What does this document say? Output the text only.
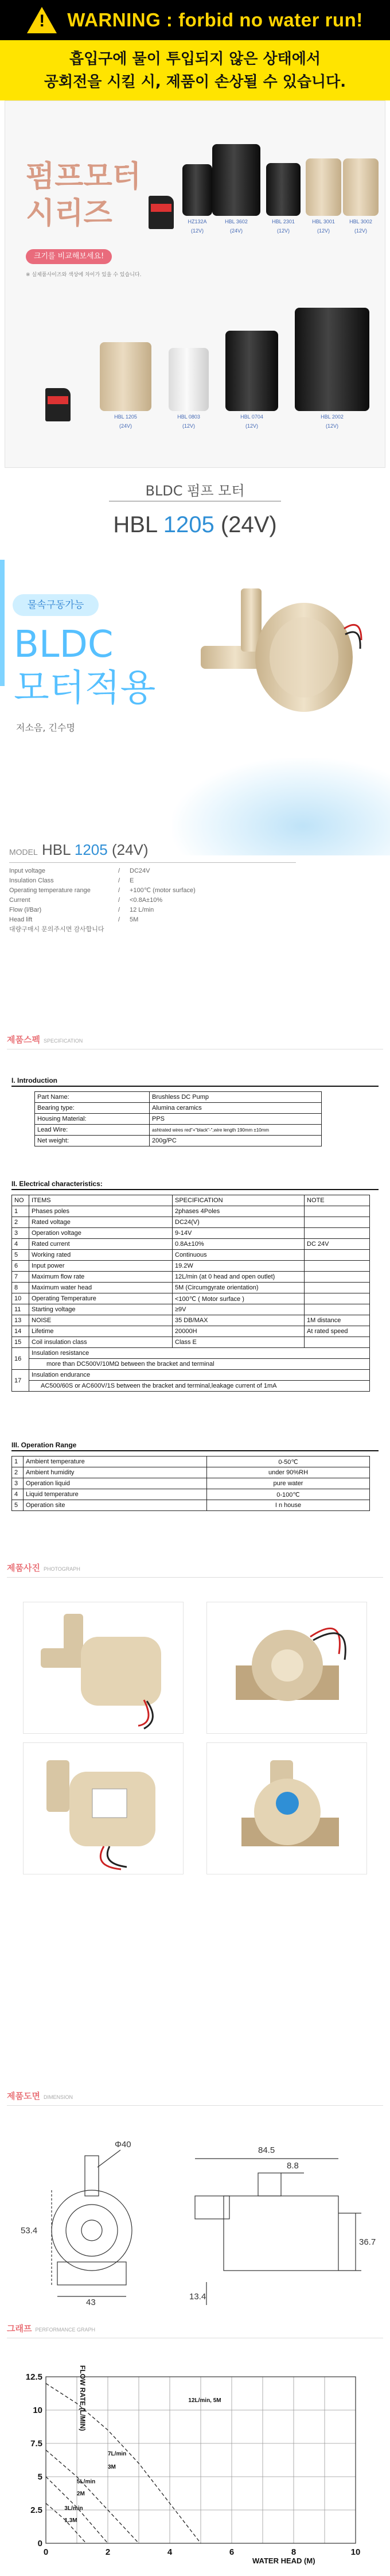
! WARNING : forbid no water run!
흡입구에 물이 투입되지 않은 상태에서
공회전을 시킬 시, 제품이 손상될 수 있습니다.
펌프모터
시리즈
크기를 비교해보세요!
※ 실제품사이즈와 색상에 차이가 있을 수 있습니다.
HZ132A
(12V)
HBL 3602
(24V)
HBL 2301
(12V)
HBL 3001
(12V)
HBL 3002
(12V)
HBL 1205
(24V)
HBL 0803
(12V)
HBL 0704
(12V)
HBL 2002
(12V)
BLDC 펌프 모터
HBL 1205 (24V)
물속구동가능
BLDC
모터적용
저소음, 긴수명
MODEL HBL 1205 (24V)
Input voltage	/	DC24V
Insulation Class	/	E
Operating temperature range	/	+100℃ (motor surface)
Current	/	<0.8A±10%
Flow (l/Bar)	/	12 L/min
Head lift	/	5M
대량구매시 문의주시면 감사합니다
제품스펙 SPECIFICATION
I. Introduction
Part Name:	Brushless DC Pump
Bearing type:	Alumina ceramics
Housing Material:	PPS
Lead Wire:	ashtrated wires red"+"black"-",wire length 190mm ±10mm
Net weight:	200g/PC
II. Electrical characteristics:
NO	ITEMS	SPECIFICATION	NOTE
1	Phases poles	2phases 4Poles	
2	Rated voltage	DC24(V)	
3	Operation voltage	9-14V	
4	Rated current	0.8A±10%	DC 24V
5	Working rated	Continuous	
6	Input power	19.2W	
7	Maximum flow rate	12L/min (at 0 head and open outlet)	
8	Maximum water head	5M (Circumgyrate orientation)	
10	Operating Temperature	<100℃ ( Motor surface )	
11	Starting voltage	≥9V	
13	NOISE	35 DB/MAX	1M distance
14	Lifetime	20000H	At rated speed
15	Coil insulation class	Class E	
16	Insulation resistance		
	more than DC500V/10MΩ between the bracket and terminal		
17	Insulation endurance		
	AC500/60S or AC600V/1S between the bracket and terminal,leakage current of 1mA		
III. Operation Range
1	Ambient temperature	0-50℃
2	Ambient humidity	under 90%RH
3	Operation liquid	pure water
4	Liquid temperature	0-100℃
5	Operation site	I n house
제품사진 PHOTOGRAPH
제품도면 DIMENSION
Φ40
84.5
8.8
53.4
36.7
43
13.4
그래프 PERFORMANCE GRAPH
0
2.5
5
7.5
10
12.5
0	2	4	6	8	10
FLOW RATE (L/MIN)
WATER HEAD (M)
12L/min, 5M
7L/min
3M
5L/min
2M
3L/min
1.3M
